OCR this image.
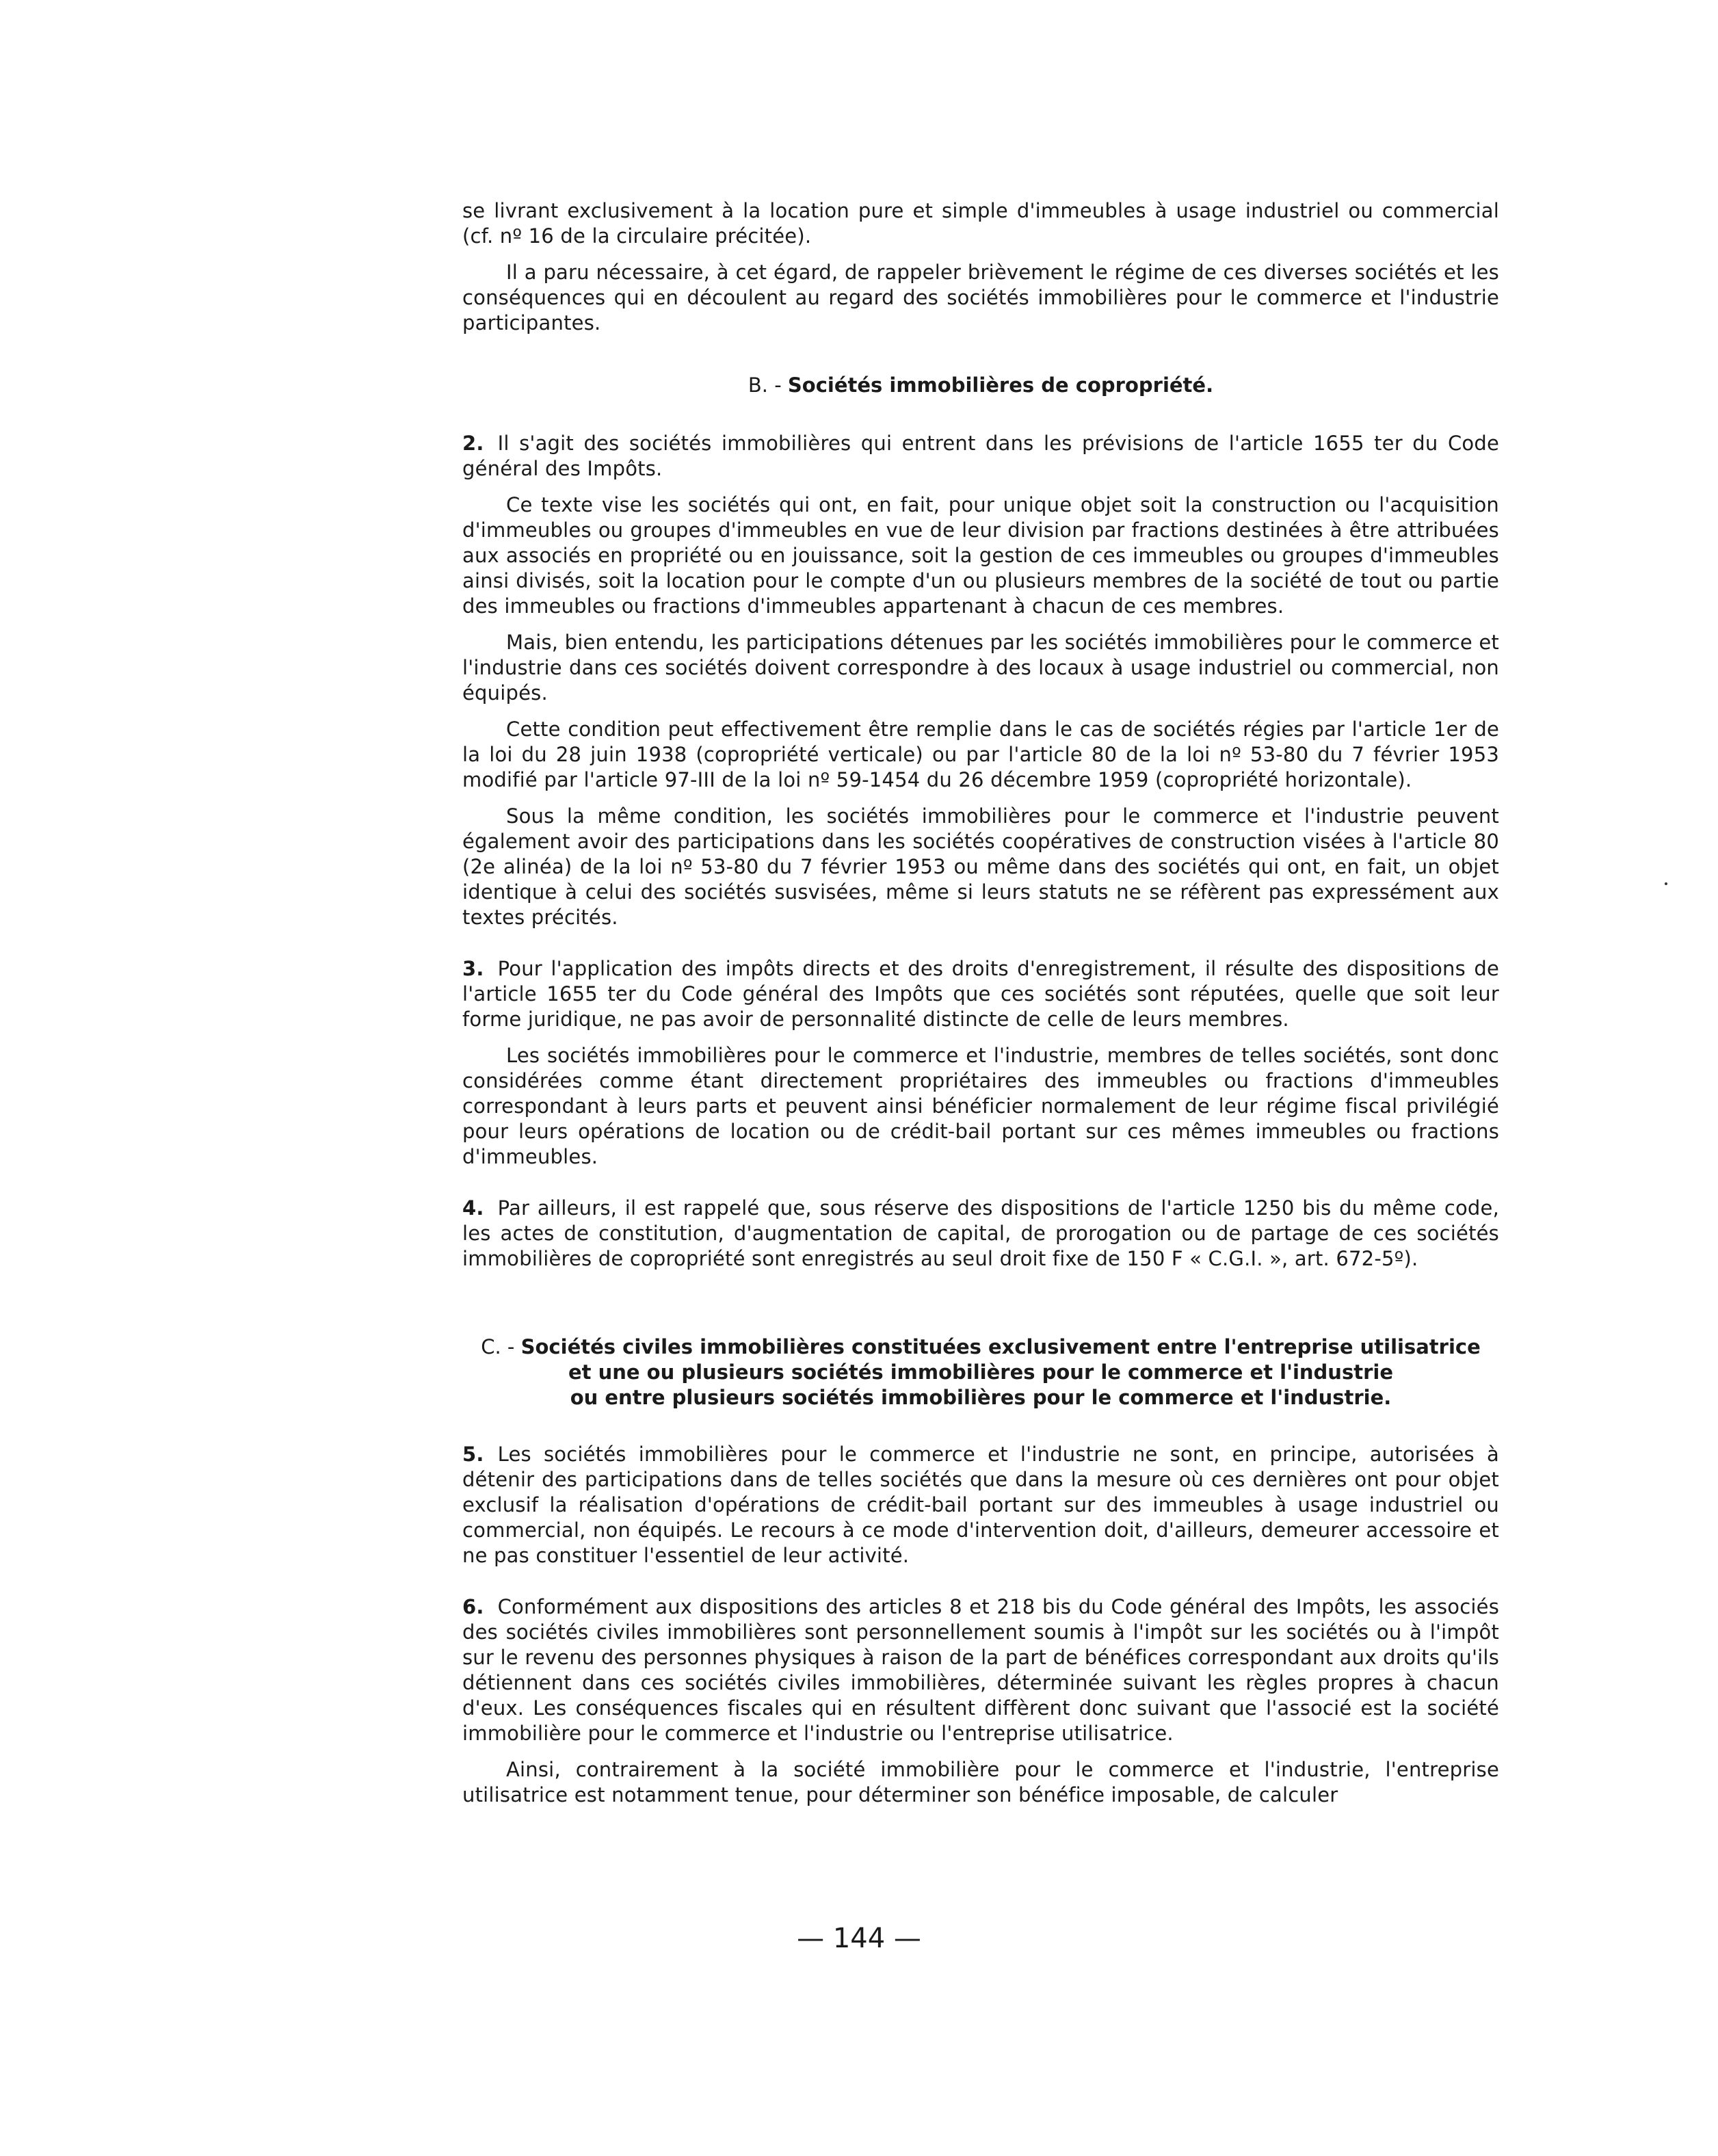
se livrant exclusivement à la location pure et simple d'immeubles à usage industriel ou commercial (cf. nº 16 de la circulaire précitée).

Il a paru nécessaire, à cet égard, de rappeler brièvement le régime de ces diverses sociétés et les conséquences qui en découlent au regard des sociétés immobilières pour le commerce et l'industrie participantes.

B. - Sociétés immobilières de copropriété.

2. Il s'agit des sociétés immobilières qui entrent dans les prévisions de l'article 1655 ter du Code général des Impôts.

Ce texte vise les sociétés qui ont, en fait, pour unique objet soit la construction ou l'acquisition d'immeubles ou groupes d'immeubles en vue de leur division par fractions destinées à être attribuées aux associés en propriété ou en jouissance, soit la gestion de ces immeubles ou groupes d'immeubles ainsi divisés, soit la location pour le compte d'un ou plusieurs membres de la société de tout ou partie des immeubles ou fractions d'immeubles appartenant à chacun de ces membres.

Mais, bien entendu, les participations détenues par les sociétés immobilières pour le commerce et l'industrie dans ces sociétés doivent correspondre à des locaux à usage industriel ou commercial, non équipés.

Cette condition peut effectivement être remplie dans le cas de sociétés régies par l'article 1er de la loi du 28 juin 1938 (copropriété verticale) ou par l'article 80 de la loi nº 53-80 du 7 février 1953 modifié par l'article 97-III de la loi nº 59-1454 du 26 décembre 1959 (copropriété horizontale).

Sous la même condition, les sociétés immobilières pour le commerce et l'industrie peuvent également avoir des participations dans les sociétés coopératives de construction visées à l'article 80 (2e alinéa) de la loi nº 53-80 du 7 février 1953 ou même dans des sociétés qui ont, en fait, un objet identique à celui des sociétés susvisées, même si leurs statuts ne se réfèrent pas expressément aux textes précités.

3. Pour l'application des impôts directs et des droits d'enregistrement, il résulte des dispositions de l'article 1655 ter du Code général des Impôts que ces sociétés sont réputées, quelle que soit leur forme juridique, ne pas avoir de personnalité distincte de celle de leurs membres.

Les sociétés immobilières pour le commerce et l'industrie, membres de telles sociétés, sont donc considérées comme étant directement propriétaires des immeubles ou fractions d'immeubles correspondant à leurs parts et peuvent ainsi bénéficier normalement de leur régime fiscal privilégié pour leurs opérations de location ou de crédit-bail portant sur ces mêmes immeubles ou fractions d'immeubles.

4. Par ailleurs, il est rappelé que, sous réserve des dispositions de l'article 1250 bis du même code, les actes de constitution, d'augmentation de capital, de prorogation ou de partage de ces sociétés immobilières de copropriété sont enregistrés au seul droit fixe de 150 F « C.G.I. », art. 672-5º).

C. - Sociétés civiles immobilières constituées exclusivement entre l'entreprise utilisatrice
et une ou plusieurs sociétés immobilières pour le commerce et l'industrie
ou entre plusieurs sociétés immobilières pour le commerce et l'industrie.

5. Les sociétés immobilières pour le commerce et l'industrie ne sont, en principe, autorisées à détenir des participations dans de telles sociétés que dans la mesure où ces dernières ont pour objet exclusif la réalisation d'opérations de crédit-bail portant sur des immeubles à usage industriel ou commercial, non équipés. Le recours à ce mode d'intervention doit, d'ailleurs, demeurer accessoire et ne pas constituer l'essentiel de leur activité.

6. Conformément aux dispositions des articles 8 et 218 bis du Code général des Impôts, les associés des sociétés civiles immobilières sont personnellement soumis à l'impôt sur les sociétés ou à l'impôt sur le revenu des personnes physiques à raison de la part de bénéfices correspondant aux droits qu'ils détiennent dans ces sociétés civiles immobilières, déterminée suivant les règles propres à chacun d'eux. Les conséquences fiscales qui en résultent diffèrent donc suivant que l'associé est la société immobilière pour le commerce et l'industrie ou l'entreprise utilisatrice.

Ainsi, contrairement à la société immobilière pour le commerce et l'industrie, l'entreprise utilisatrice est notamment tenue, pour déterminer son bénéfice imposable, de calculer

— 144 —
